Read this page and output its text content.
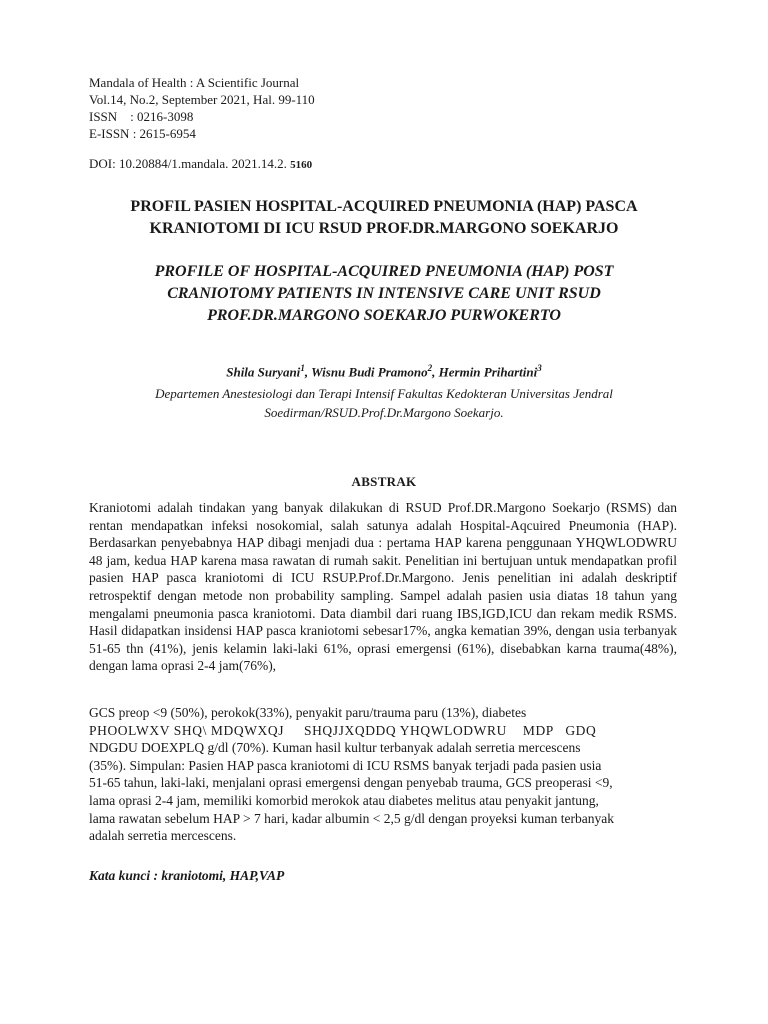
Mandala of Health : A Scientific Journal
Vol.14, No.2, September 2021, Hal. 99-110
ISSN    : 0216-3098
E-ISSN : 2615-6954
DOI: 10.20884/1.mandala. 2021.14.2. 5160
PROFIL PASIEN HOSPITAL-ACQUIRED PNEUMONIA (HAP) PASCA
KRANIOTOMI DI ICU RSUD PROF.DR.MARGONO SOEKARJO
PROFILE OF HOSPITAL-ACQUIRED PNEUMONIA (HAP) POST
CRANIOTOMY PATIENTS IN INTENSIVE CARE UNIT RSUD
PROF.DR.MARGONO SOEKARJO PURWOKERTO
Shila Suryani$^1$, Wisnu Budi Pramono$^2$, Hermin Prihartini$^3$
Departemen Anestesiologi dan Terapi Intensif Fakultas Kedokteran Universitas Jendral
Soedirman/RSUD.Prof.Dr.Margono Soekarjo.
ABSTRAK

Kraniotomi adalah tindakan yang banyak dilakukan di RSUD Prof.DR.Margono Soekarjo (RSMS) dan rentan mendapatkan infeksi nosokomial, salah satunya adalah Hospital-Aqcuired Pneumonia (HAP). Berdasarkan penyebabnya HAP dibagi menjadi dua : pertama HAP karena penggunaan YHQWLODWRU 48 jam, kedua HAP karena masa rawatan di rumah sakit. Penelitian ini bertujuan untuk mendapatkan profil pasien HAP pasca kraniotomi di ICU RSUP.Prof.Dr.Margono. Jenis penelitian ini adalah deskriptif retrospektif dengan metode non probability sampling. Sampel adalah pasien usia diatas 18 tahun yang mengalami pneumonia pasca kraniotomi. Data diambil dari ruang IBS,IGD,ICU dan rekam medik RSMS. Hasil didapatkan insidensi HAP pasca kraniotomi sebesar17%, angka kematian 39%, dengan usia terbanyak 51-65 thn (41%), jenis kelamin laki-laki 61%, oprasi emergensi (61%), disebabkan karna trauma(48%), dengan lama oprasi 2-4 jam(76%),

GCS preop <9 (50%), perokok(33%), penyakit paru/trauma paru (13%), diabetes
PHOOLWXV SHQ\ MDQWXQJ     SHQJJXQDDQ YHQWLODWRU    MDP   GDQ
NDGDU DOEXPLQ g/dl (70%). Kuman hasil kultur terbanyak adalah serretia mercescens
(35%). Simpulan: Pasien HAP pasca kraniotomi di ICU RSMS banyak terjadi pada pasien usia
51-65 tahun, laki-laki, menjalani oprasi emergensi dengan penyebab trauma, GCS preoperasi <9,
lama oprasi 2-4 jam, memiliki komorbid merokok atau diabetes melitus atau penyakit jantung,
lama rawatan sebelum HAP > 7 hari, kadar albumin < 2,5 g/dl dengan proyeksi kuman terbanyak
adalah serretia mercescens.
Kata kunci : kraniotomi, HAP,VAP
